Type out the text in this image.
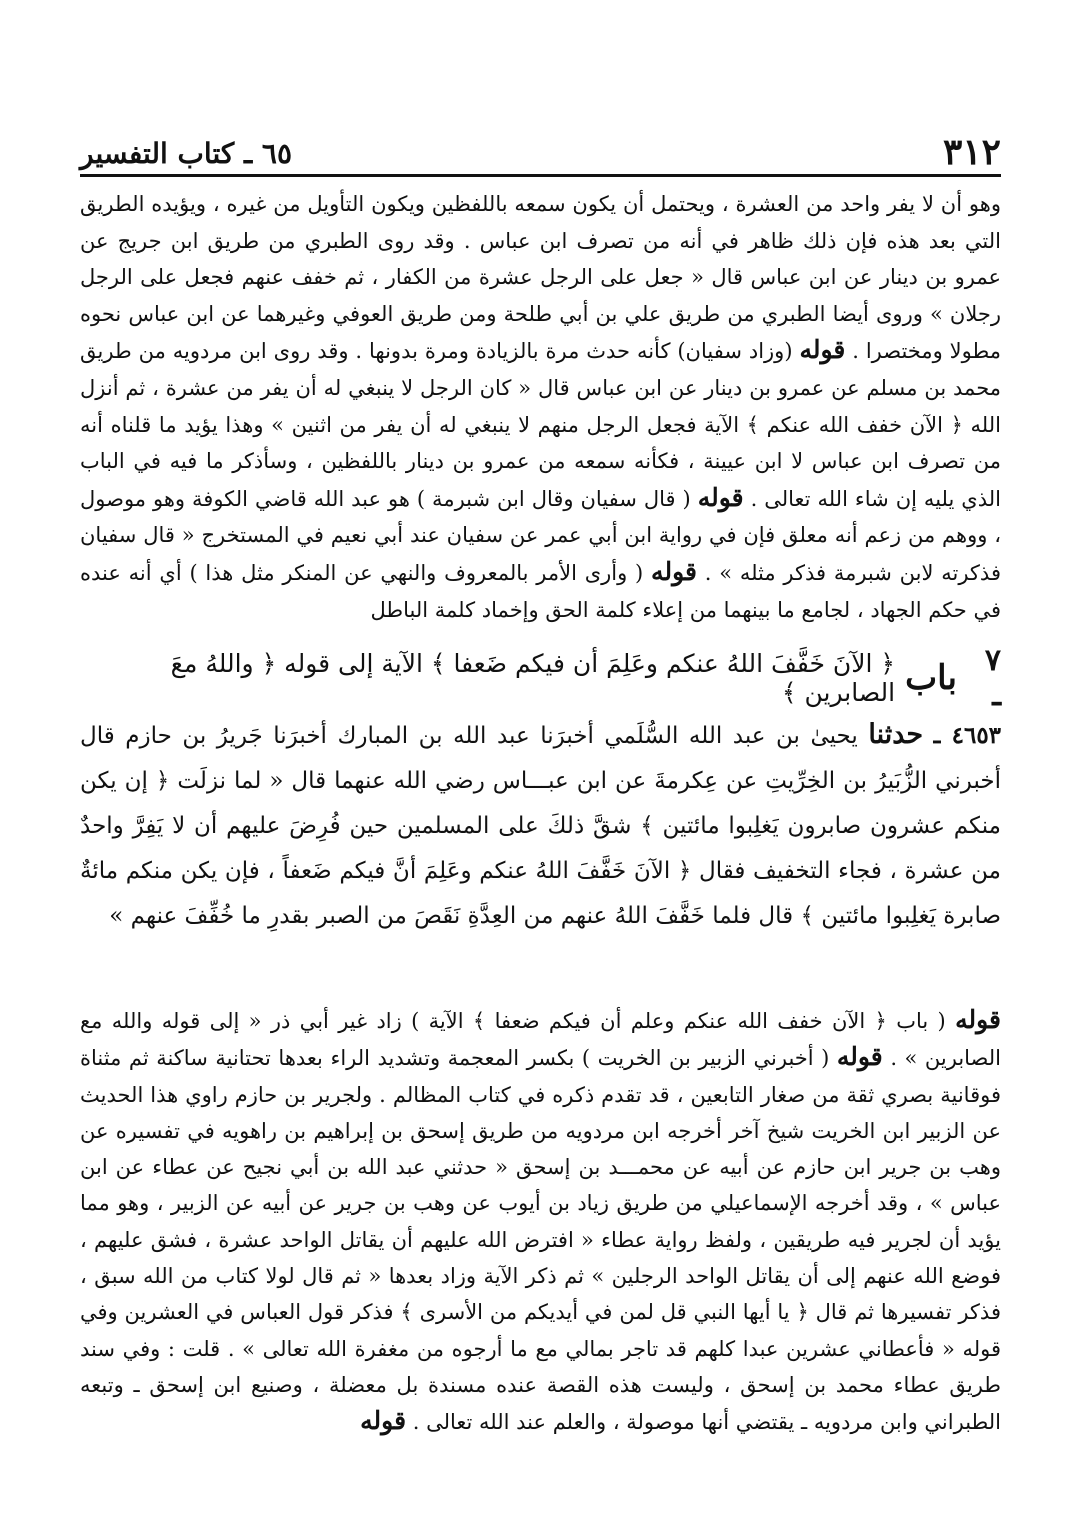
٣١٢
٦٥ ـ كتاب التفسير
وهو أن لا يفر واحد من العشرة ، ويحتمل أن يكون سمعه باللفظين ويكون التأويل من غيره ، ويؤيده الطريق التي بعد هذه فإن ذلك ظاهر في أنه من تصرف ابن عباس . وقد روى الطبري من طريق ابن جريج عن عمرو بن دينار عن ابن عباس قال « جعل على الرجل عشرة من الكفار ، ثم خفف عنهم فجعل على الرجل رجلان » وروى أيضا الطبري من طريق علي بن أبي طلحة ومن طريق العوفي وغيرهما عن ابن عباس نحوه مطولا ومختصرا . قوله (وزاد سفيان) كأنه حدث مرة بالزيادة ومرة بدونها . وقد روى ابن مردويه من طريق محمد بن مسلم عن عمرو بن دينار عن ابن عباس قال « كان الرجل لا ينبغي له أن يفر من عشرة ، ثم أنزل الله ﴿ الآن خفف الله عنكم ﴾ الآية فجعل الرجل منهم لا ينبغي له أن يفر من اثنين » وهذا يؤيد ما قلناه أنه من تصرف ابن عباس لا ابن عيينة ، فكأنه سمعه من عمرو بن دينار باللفظين ، وسأذكر ما فيه في الباب الذي يليه إن شاء الله تعالى . قوله ( قال سفيان وقال ابن شبرمة ) هو عبد الله قاضي الكوفة وهو موصول ، ووهم من زعم أنه معلق فإن في رواية ابن أبي عمر عن سفيان عند أبي نعيم في المستخرج « قال سفيان فذكرته لابن شبرمة فذكر مثله » . قوله ( وأرى الأمر بالمعروف والنهي عن المنكر مثل هذا ) أي أنه عنده في حكم الجهاد ، لجامع ما بينهما من إعلاء كلمة الحق وإخماد كلمة الباطل
٧ ـ
باب
﴿ الآنَ خَفَّفَ اللهُ عنكم وعَلِمَ أن فيكم ضَعفا ﴾ الآية إلى قوله ﴿ واللهُ معَ الصابرين ﴾
٤٦٥٣ ـ حدثنا يحيىٰ بن عبد الله السُّلَمي أخبرَنا عبد الله بن المبارك أخبرَنا جَريرُ بن حازم قال أخبرني الزُّبَيرُ بن الخِرِّيتِ عن عِكرمةَ عن ابن عبـــاس رضي الله عنهما قال « لما نزلَت ﴿ إن يكن منكم عشرون صابرون يَغلِبوا مائتين ﴾ شقَّ ذلكَ على المسلمين حين فُرِضَ عليهم أن لا يَفِرَّ واحدٌ من عشرة ، فجاء التخفيف فقال ﴿ الآنَ خَفَّفَ اللهُ عنكم وعَلِمَ أنَّ فيكم ضَعفاً ، فإن يكن منكم مائةٌ صابرة يَغلِبوا مائتين ﴾ قال فلما خَفَّفَ اللهُ عنهم من العِدَّةِ نَقَصَ من الصبر بقدرِ ما خُفِّفَ عنهم »
قوله ( باب ﴿ الآن خفف الله عنكم وعلم أن فيكم ضعفا ﴾ الآية ) زاد غير أبي ذر « إلى قوله والله مع الصابرين » . قوله ( أخبرني الزبير بن الخريت ) بكسر المعجمة وتشديد الراء بعدها تحتانية ساكنة ثم مثناة فوقانية بصري ثقة من صغار التابعين ، قد تقدم ذكره في كتاب المظالم . ولجرير بن حازم راوي هذا الحديث عن الزبير ابن الخريت شيخ آخر أخرجه ابن مردويه من طريق إسحق بن إبراهيم بن راهويه في تفسيره عن وهب بن جرير ابن حازم عن أبيه عن محمـــد بن إسحق « حدثني عبد الله بن أبي نجيح عن عطاء عن ابن عباس » ، وقد أخرجه الإسماعيلي من طريق زياد بن أيوب عن وهب بن جرير عن أبيه عن الزبير ، وهو مما يؤيد أن لجرير فيه طريقين ، ولفظ رواية عطاء « افترض الله عليهم أن يقاتل الواحد عشرة ، فشق عليهم ، فوضع الله عنهم إلى أن يقاتل الواحد الرجلين » ثم ذكر الآية وزاد بعدها « ثم قال لولا كتاب من الله سبق ، فذكر تفسيرها ثم قال ﴿ يا أيها النبي قل لمن في أيديكم من الأسرى ﴾ فذكر قول العباس في العشرين وفي قوله « فأعطاني عشرين عبدا كلهم قد تاجر بمالي مع ما أرجوه من مغفرة الله تعالى » . قلت : وفي سند طريق عطاء محمد بن إسحق ، وليست هذه القصة عنده مسندة بل معضلة ، وصنيع ابن إسحق ـ وتبعه الطبراني وابن مردويه ـ يقتضي أنها موصولة ، والعلم عند الله تعالى . قوله
